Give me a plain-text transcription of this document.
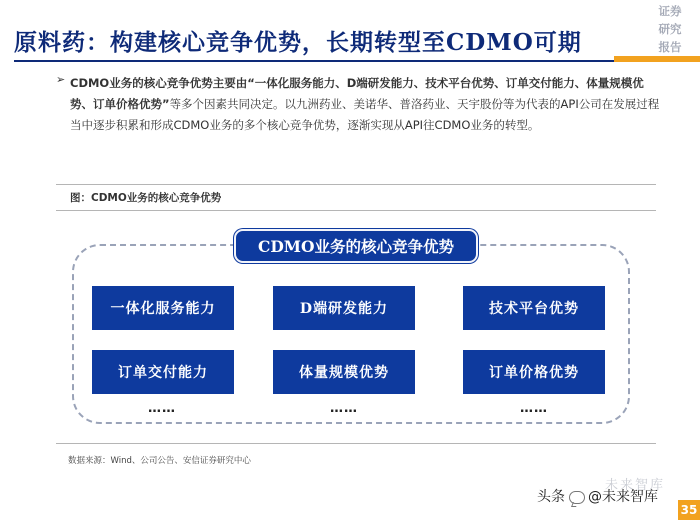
原料药：构建核心竞争优势，长期转型至CDMO可期
证券
研究
报告
➢ CDMO业务的核心竞争优势主要由“一体化服务能力、D端研发能力、技术平台优势、订单交付能力、体量规模优势、订单价格优势”等多个因素共同决定。以九洲药业、美诺华、普洛药业、天宇股份等为代表的API公司在发展过程当中逐步积累和形成CDMO业务的多个核心竞争优势，逐渐实现从API往CDMO业务的转型。
图：CDMO业务的核心竞争优势
CDMO业务的核心竞争优势
一体化服务能力	D端研发能力	技术平台优势
订单交付能力	体量规模优势	订单价格优势
……	……	……
数据来源：Wind、公司公告、安信证券研究中心
未来智库
头条 @未来智库
35
